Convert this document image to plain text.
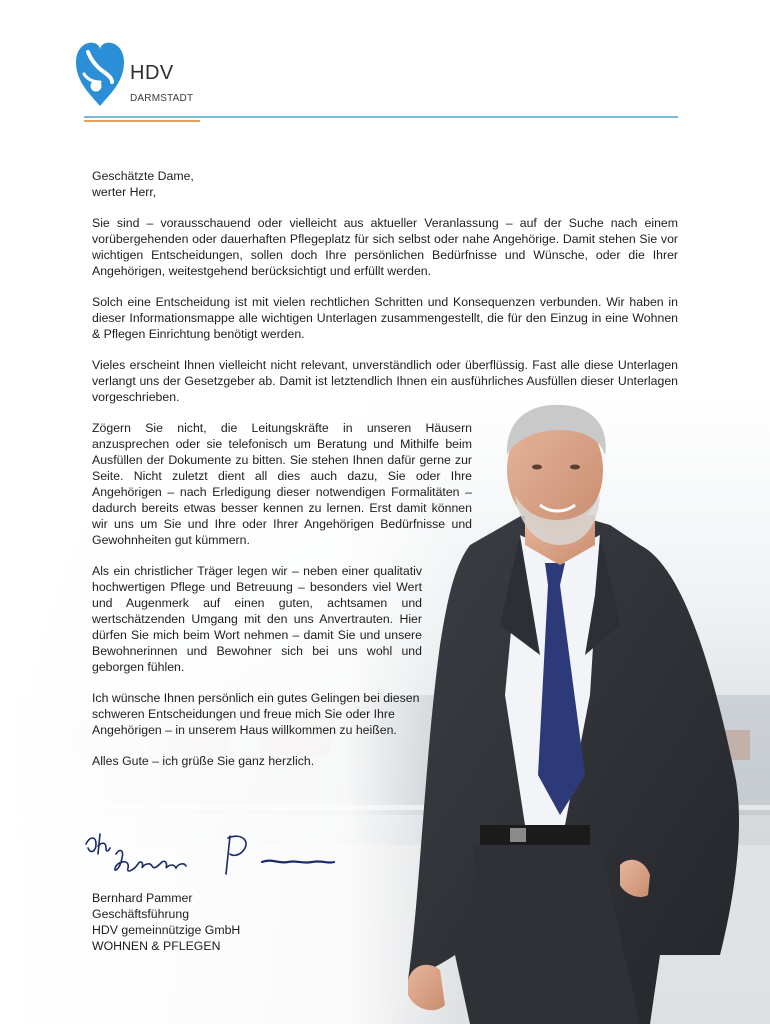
HDV
DARMSTADT

Geschätzte Dame,
werter Herr,

Sie sind – vorausschauend oder vielleicht aus aktueller Veranlassung – auf der Suche nach einem vorübergehenden oder dauerhaften Pflegeplatz für sich selbst oder nahe Angehörige. Damit stehen Sie vor wichtigen Entscheidungen, sollen doch Ihre persönlichen Bedürfnisse und Wünsche, oder die Ihrer Angehörigen, weitestgehend berücksichtigt und erfüllt werden.

Solch eine Entscheidung ist mit vielen rechtlichen Schritten und Konsequenzen verbunden. Wir haben in dieser Informationsmappe alle wichtigen Unterlagen zusammengestellt, die für den Einzug in eine Wohnen & Pflegen Einrichtung benötigt werden.

Vieles erscheint Ihnen vielleicht nicht relevant, unverständlich oder überflüssig. Fast alle diese Unterlagen verlangt uns der Gesetzgeber ab. Damit ist letztendlich Ihnen ein ausführliches Ausfüllen dieser Unterlagen vorgeschrieben.

Zögern Sie nicht, die Leitungskräfte in unseren Häusern anzusprechen oder sie telefonisch um Beratung und Mithilfe beim Ausfüllen der Dokumente zu bitten. Sie stehen Ihnen dafür gerne zur Seite. Nicht zuletzt dient all dies auch dazu, Sie oder Ihre Angehörigen – nach Erledigung dieser notwendigen Formalitäten – dadurch bereits etwas besser kennen zu lernen. Erst damit können wir uns um Sie und Ihre oder Ihrer Angehörigen Bedürfnisse und Gewohnheiten gut kümmern.

Als ein christlicher Träger legen wir – neben einer qualitativ hochwertigen Pflege und Betreuung – besonders viel Wert und Augenmerk auf einen guten, achtsamen und wertschätzenden Umgang mit den uns Anvertrauten. Hier dürfen Sie mich beim Wort nehmen – damit Sie und unsere Bewohnerinnen und Bewohner sich bei uns wohl und geborgen fühlen.

Ich wünsche Ihnen persönlich ein gutes Gelingen bei diesen schweren Entscheidungen und freue mich Sie oder Ihre Angehörigen – in unserem Haus willkommen zu heißen.

Alles Gute – ich grüße Sie ganz herzlich.

Bernhard Pammer
Geschäftsführung
HDV gemeinnützige GmbH
WOHNEN & PFLEGEN
